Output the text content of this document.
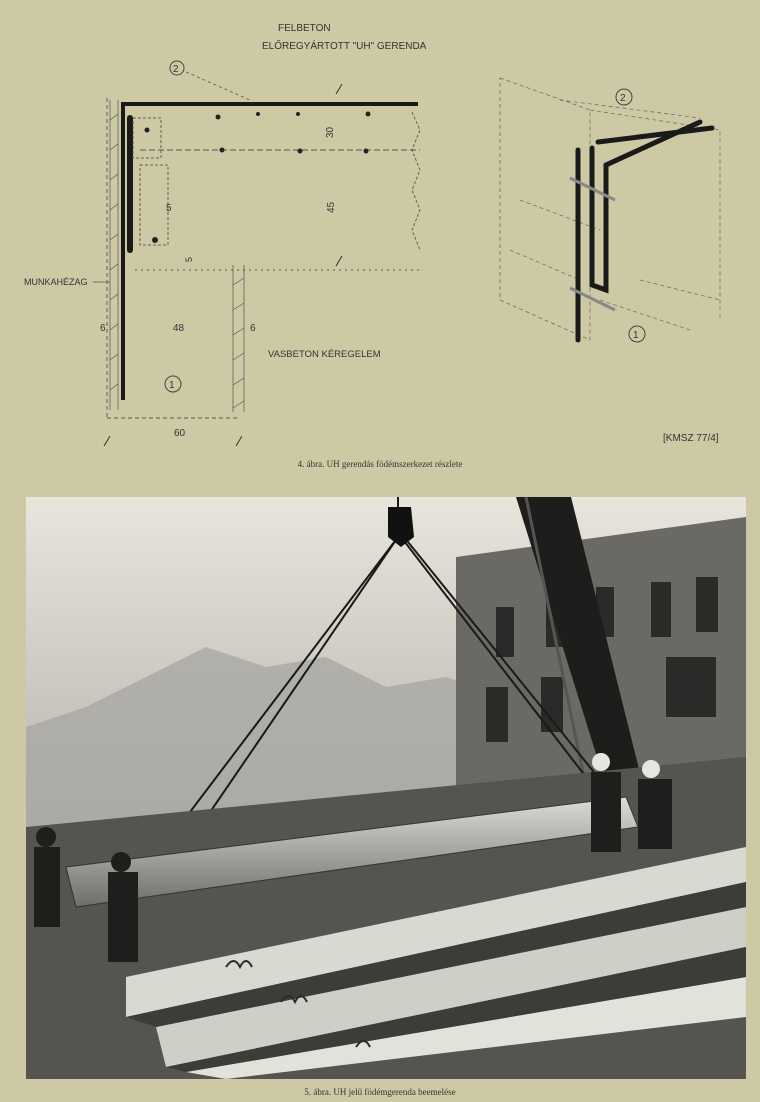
FELBETON
ELŐREGYÁRTOTT "UH" GERENDA
2
30
45
5
5
6	48	6
60
MUNKAHÉZAG
VASBETON KÉREGELEM
1
2
1
[KMSZ 77/4]
4. ábra. UH gerendás födémszerkezet részlete
5. ábra. UH jelű födémgerenda beemelése
